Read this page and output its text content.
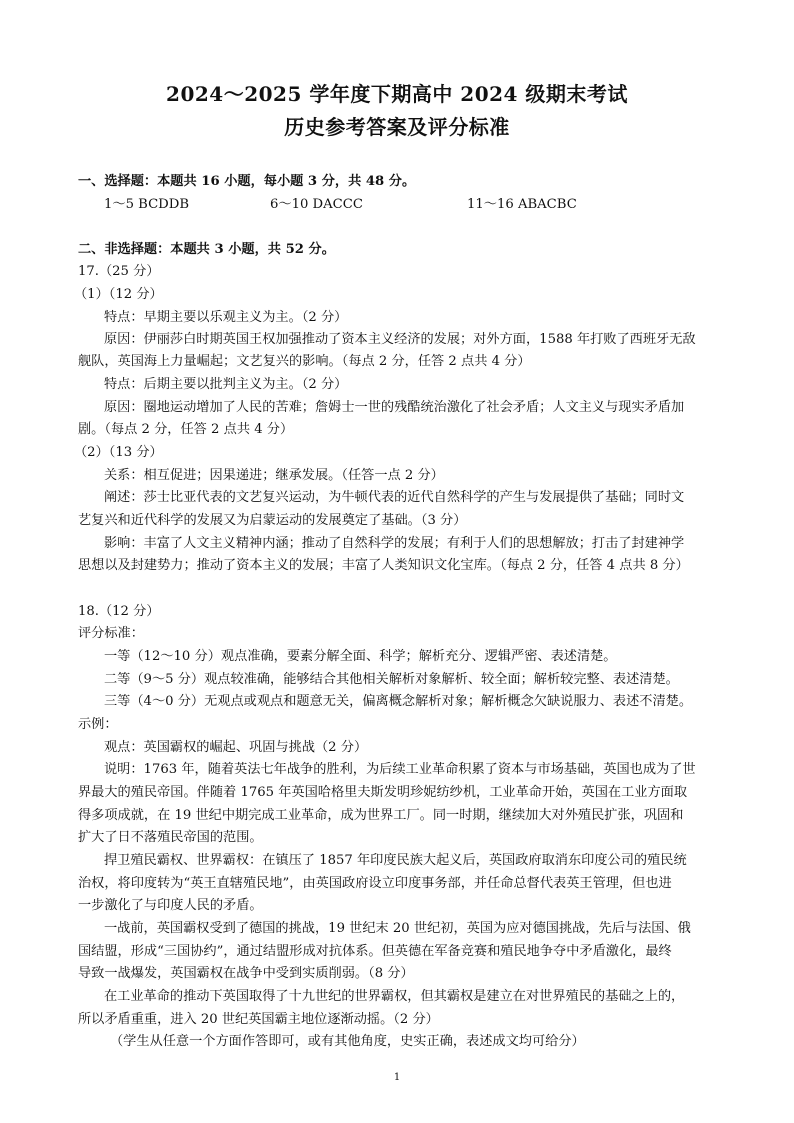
2024～2025 学年度下期高中 2024 级期末考试
历史参考答案及评分标准
一、选择题：本题共 16 小题，每小题 3 分，共 48 分。
1～5 BCDDB	6～10 DACCC	11～16 ABACBC
二、非选择题：本题共 3 小题，共 52 分。
17.（25 分）
（1）（12 分）
特点：早期主要以乐观主义为主。（2 分）
原因：伊丽莎白时期英国王权加强推动了资本主义经济的发展；对外方面，1588 年打败了西班牙无敌
舰队，英国海上力量崛起；文艺复兴的影响。（每点 2 分，任答 2 点共 4 分）
特点：后期主要以批判主义为主。（2 分）
原因：圈地运动增加了人民的苦难；詹姆士一世的残酷统治激化了社会矛盾；人文主义与现实矛盾加
剧。（每点 2 分，任答 2 点共 4 分）
（2）（13 分）
关系：相互促进；因果递进；继承发展。（任答一点 2 分）
阐述：莎士比亚代表的文艺复兴运动，为牛顿代表的近代自然科学的产生与发展提供了基础；同时文
艺复兴和近代科学的发展又为启蒙运动的发展奠定了基础。（3 分）
影响：丰富了人文主义精神内涵；推动了自然科学的发展；有利于人们的思想解放；打击了封建神学
思想以及封建势力；推动了资本主义的发展；丰富了人类知识文化宝库。（每点 2 分，任答 4 点共 8 分）
18.（12 分）
评分标准：
一等（12～10 分）观点准确，要素分解全面、科学；解析充分、逻辑严密、表述清楚。
二等（9～5 分）观点较准确，能够结合其他相关解析对象解析、较全面；解析较完整、表述清楚。
三等（4～0 分）无观点或观点和题意无关，偏离概念解析对象；解析概念欠缺说服力、表述不清楚。
示例：
观点：英国霸权的崛起、巩固与挑战（2 分）
说明：1763 年，随着英法七年战争的胜利，为后续工业革命积累了资本与市场基础，英国也成为了世
界最大的殖民帝国。伴随着 1765 年英国哈格里夫斯发明珍妮纺纱机，工业革命开始，英国在工业方面取
得多项成就，在 19 世纪中期完成工业革命，成为世界工厂。同一时期，继续加大对外殖民扩张，巩固和
扩大了日不落殖民帝国的范围。
捍卫殖民霸权、世界霸权：在镇压了 1857 年印度民族大起义后，英国政府取消东印度公司的殖民统
治权，将印度转为“英王直辖殖民地”，由英国政府设立印度事务部，并任命总督代表英王管理，但也进
一步激化了与印度人民的矛盾。
一战前，英国霸权受到了德国的挑战，19 世纪末 20 世纪初，英国为应对德国挑战，先后与法国、俄
国结盟，形成“三国协约”，通过结盟形成对抗体系。但英德在军备竞赛和殖民地争夺中矛盾激化，最终
导致一战爆发，英国霸权在战争中受到实质削弱。（8 分）
在工业革命的推动下英国取得了十九世纪的世界霸权，但其霸权是建立在对世界殖民的基础之上的，
所以矛盾重重，进入 20 世纪英国霸主地位逐渐动摇。（2 分）
（学生从任意一个方面作答即可，或有其他角度，史实正确，表述成文均可给分）
1
